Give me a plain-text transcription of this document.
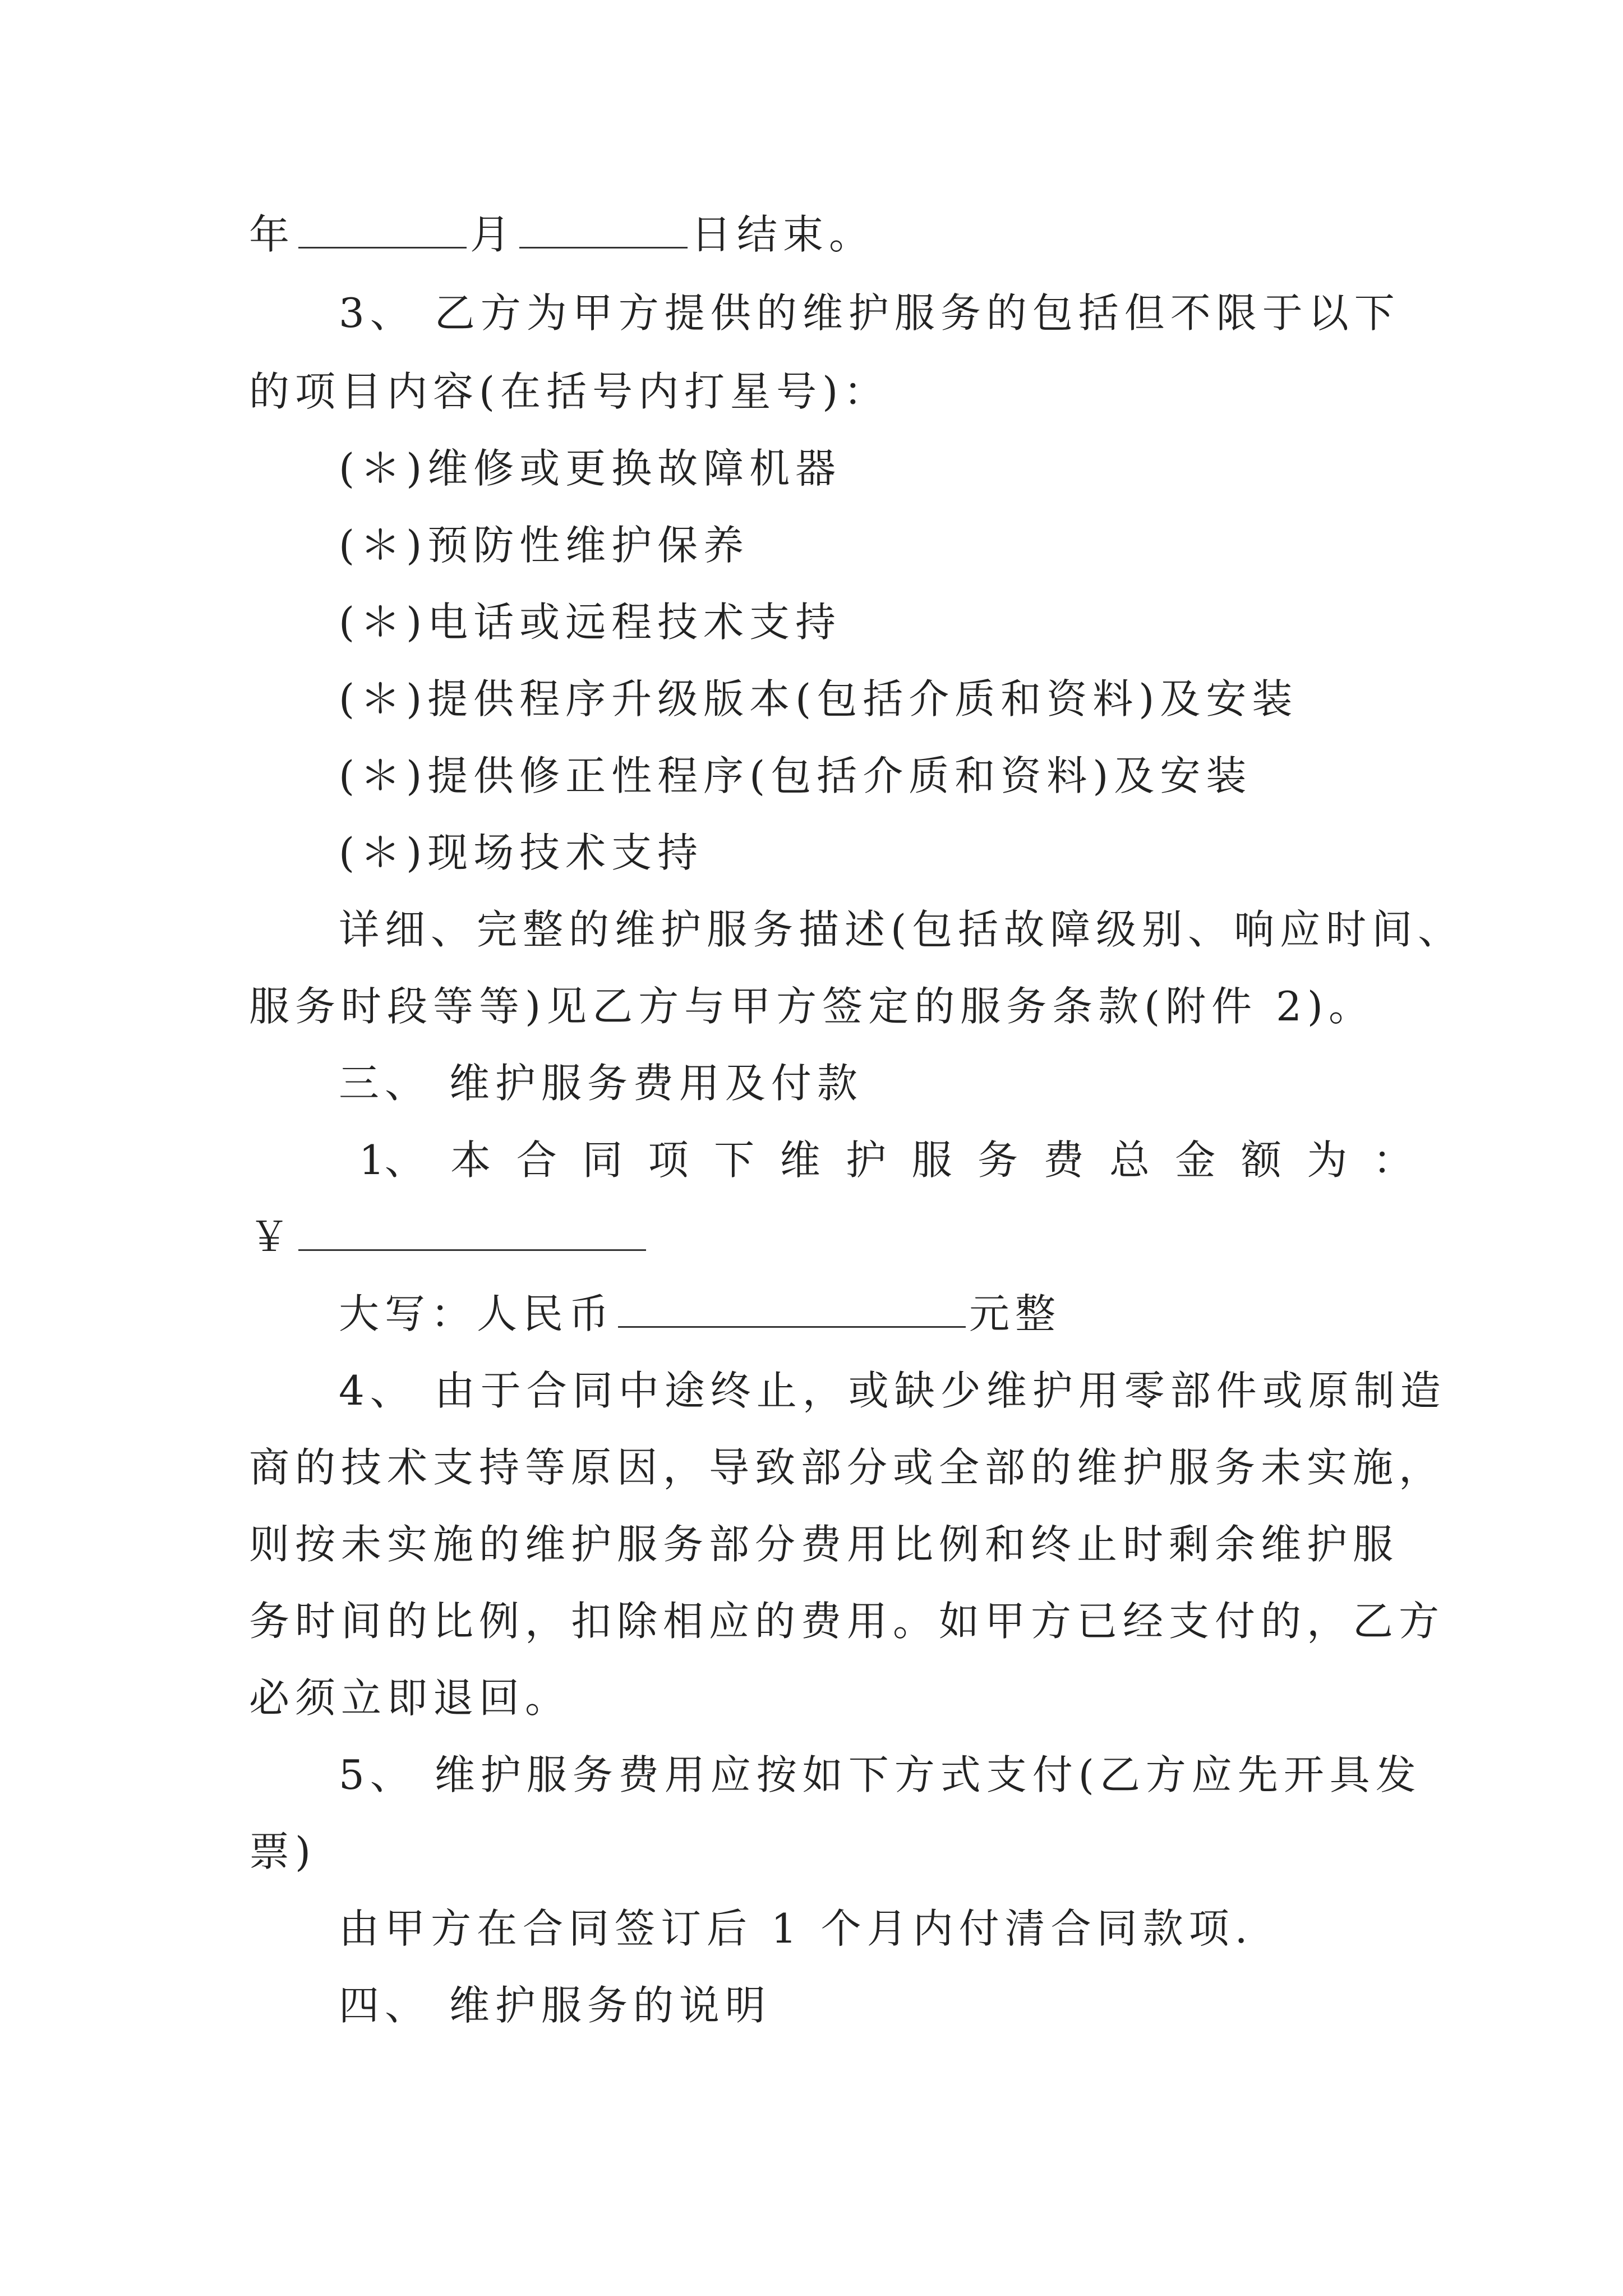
年	月	日结束。
3、 乙方为甲方提供的维护服务的包括但不限于以下
的项目内容(在括号内打星号)：
(＊)维修或更换故障机器
(＊)预防性维护保养
(＊)电话或远程技术支持
(＊)提供程序升级版本(包括介质和资料)及安装
(＊)提供修正性程序(包括介质和资料)及安装
(＊)现场技术支持
详细、完整的维护服务描述(包括故障级别、响应时间、
服务时段等等)见乙方与甲方签定的服务条款(附件 2)。
三、 维护服务费用及付款
1、 本 合 同 项 下 维 护 服 务 费 总 金 额 为 ：
￥
大写：人民币	元整
4、 由于合同中途终止，或缺少维护用零部件或原制造
商的技术支持等原因，导致部分或全部的维护服务未实施，
则按未实施的维护服务部分费用比例和终止时剩余维护服
务时间的比例，扣除相应的费用。如甲方已经支付的，乙方
必须立即退回。
5、 维护服务费用应按如下方式支付(乙方应先开具发
票)
由甲方在合同签订后 1 个月内付清合同款项.
四、 维护服务的说明
